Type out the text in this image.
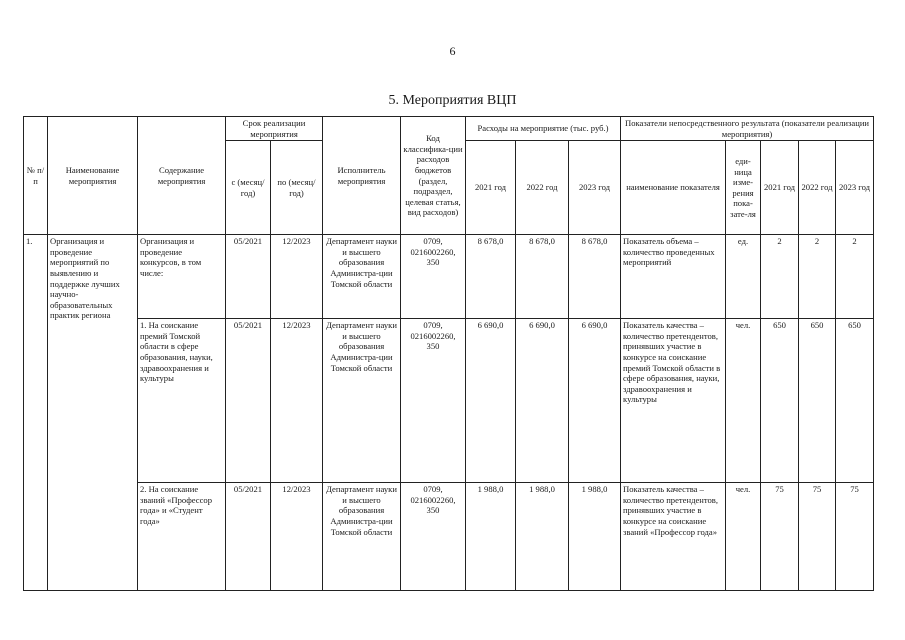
6
5. Мероприятия ВЦП
№ п/п	Наименование мероприятия	Содержание мероприятия	Срок реализации мероприятия		Исполнитель мероприятия	Код классифика-ции расходов бюджетов (раздел, подраздел, целевая статья, вид расходов)	Расходы на мероприятие (тыс. руб.)			Показатели непосредственного результата (показатели реализации мероприятия)				
			с (месяц/ год)	по (месяц/ год)			2021 год	2022 год	2023 год	наименование показателя	еди-ница изме-рения пока-зате-ля	2021 год	2022 год	2023 год
1.	Организация и проведение мероприятий по выявлению и поддержке лучших научно-образовательных практик региона	Организация и проведение конкурсов, в том числе:	05/2021	12/2023	Департамент науки и высшего образования Администра-ции Томской области	0709, 0216002260, 350	8 678,0	8 678,0	8 678,0	Показатель объема – количество проведенных мероприятий	ед.	2	2	2
		1. На соискание премий Томской области в сфере образования, науки, здравоохранения и культуры	05/2021	12/2023	Департамент науки и высшего образования Администра-ции Томской области	0709, 0216002260, 350	6 690,0	6 690,0	6 690,0	Показатель качества – количество претендентов, принявших участие в конкурсе на соискание премий Томской области в сфере образования, науки, здравоохранения и культуры	чел.	650	650	650
		2. На соискание званий «Профессор года» и «Студент года»	05/2021	12/2023	Департамент науки и высшего образования Администра-ции Томской области	0709, 0216002260, 350	1 988,0	1 988,0	1 988,0	Показатель качества – количество претендентов, принявших участие в конкурсе на соискание званий «Профессор года»	чел.	75	75	75
